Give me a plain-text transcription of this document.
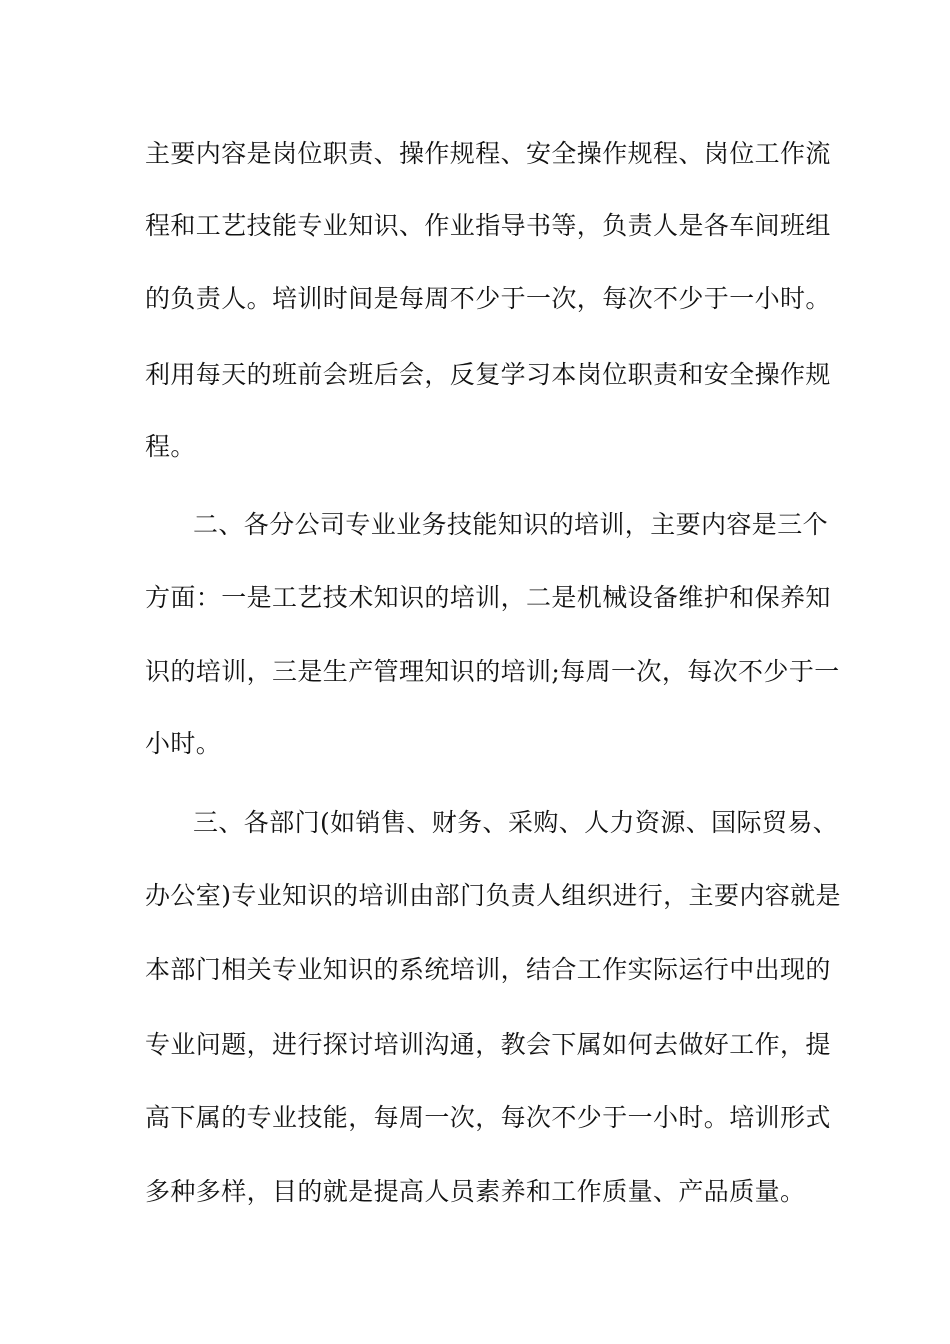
主要内容是岗位职责、操作规程、安全操作规程、岗位工作流
程和工艺技能专业知识、作业指导书等，负责人是各车间班组
的负责人。培训时间是每周不少于一次，每次不少于一小时。
利用每天的班前会班后会，反复学习本岗位职责和安全操作规
程。
二、各分公司专业业务技能知识的培训，主要内容是三个
方面：一是工艺技术知识的培训，二是机械设备维护和保养知
识的培训，三是生产管理知识的培训;每周一次，每次不少于一
小时。
三、各部门(如销售、财务、采购、人力资源、国际贸易、
办公室)专业知识的培训由部门负责人组织进行，主要内容就是
本部门相关专业知识的系统培训，结合工作实际运行中出现的
专业问题，进行探讨培训沟通，教会下属如何去做好工作，提
高下属的专业技能，每周一次，每次不少于一小时。培训形式
多种多样，目的就是提高人员素养和工作质量、产品质量。
